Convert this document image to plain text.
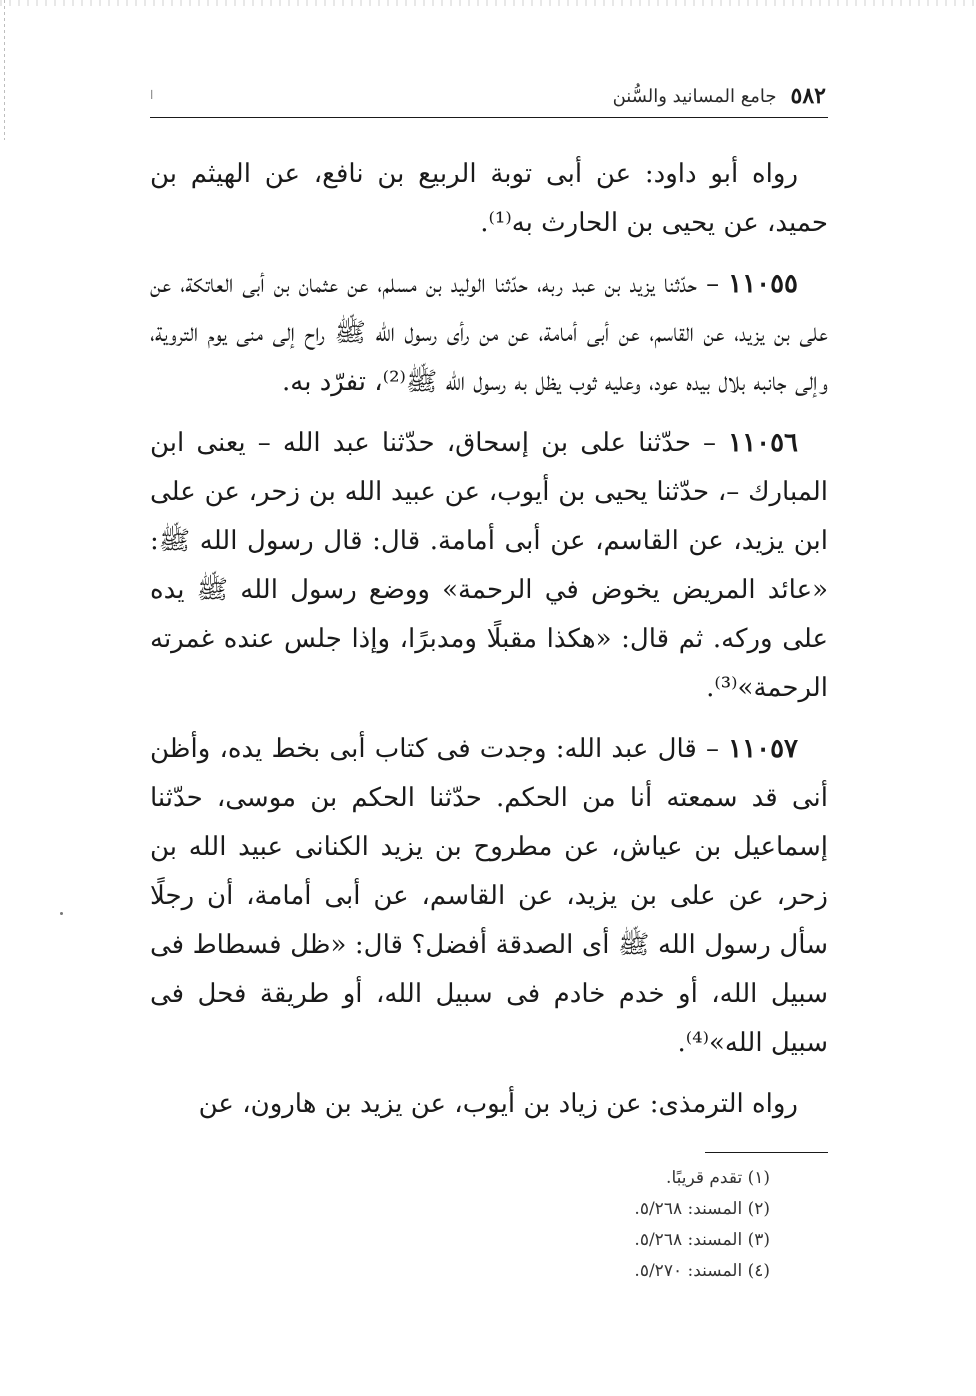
٥٨٢
جامع المسانيد والسُّنن
ا

رواه أبو داود: عن أبى توبة الربيع بن نافع، عن الهيثم بن حميد، عن يحيى بن الحارث به⁽¹⁾.

١١٠٥٥ – حدّثنا يزيد بن عبد ربه، حدّثنا الوليد بن مسلم، عن عثمان بن أبى العاتكة، عن على بن يزيد، عن القاسم، عن أبى أمامة، عن من رأى رسول الله ﷺ راح إلى منى يوم التروية، وإلى جانبه بلال بيده عود، وعليه ثوب يظل به رسول الله ﷺ⁽²⁾، تفرّد به.

١١٠٥٦ – حدّثنا على بن إسحاق، حدّثنا عبد الله – يعنى ابن المبارك –، حدّثنا يحيى بن أيوب، عن عبيد الله بن زحر، عن على ابن يزيد، عن القاسم، عن أبى أمامة. قال: قال رسول الله ﷺ: «عائد المريض يخوض في الرحمة» ووضع رسول الله ﷺ يده على وركه. ثم قال: «هكذا مقبلًا ومدبرًا، وإذا جلس عنده غمرته الرحمة»⁽³⁾.

١١٠٥٧ – قال عبد الله: وجدت فى كتاب أبى بخط يده، وأظن أنى قد سمعته أنا من الحكم. حدّثنا الحكم بن موسى، حدّثنا إسماعيل بن عياش، عن مطروح بن يزيد الكنانى عبيد الله بن زحر، عن على بن يزيد، عن القاسم، عن أبى أمامة، أن رجلًا سأل رسول الله ﷺ أى الصدقة أفضل؟ قال: «ظل فسطاط فى سبيل الله، أو خدم خادم فى سبيل الله، أو طريقة فحل فى سبيل الله»⁽⁴⁾.

رواه الترمذى: عن زياد بن أيوب، عن يزيد بن هارون، عن

(١) تقدم قريبًا.
(٢) المسند: ٥/٢٦٨.
(٣) المسند: ٥/٢٦٨.
(٤) المسند: ٥/٢٧٠.
